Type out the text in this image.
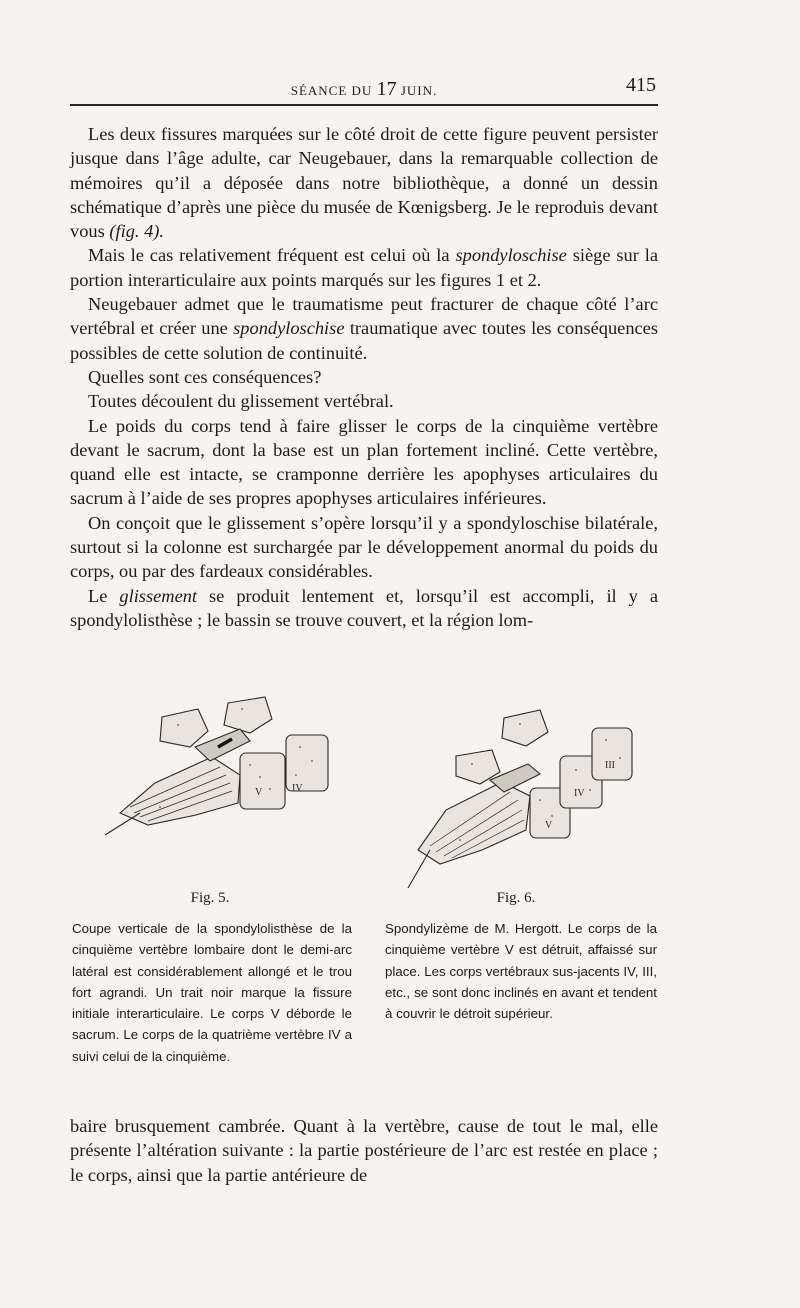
SÉANCE DU 17 JUIN.	415

Les deux fissures marquées sur le côté droit de cette figure peuvent persister jusque dans l’âge adulte, car Neugebauer, dans la remarquable collection de mémoires qu’il a déposée dans notre bibliothèque, a donné un dessin schématique d’après une pièce du musée de Kœnigsberg. Je le reproduis devant vous (fig. 4).

Mais le cas relativement fréquent est celui où la spondyloschise siège sur la portion interarticulaire aux points marqués sur les figures 1 et 2.

Neugebauer admet que le traumatisme peut fracturer de chaque côté l’arc vertébral et créer une spondyloschise traumatique avec toutes les conséquences possibles de cette solution de continuité.

Quelles sont ces conséquences?

Toutes découlent du glissement vertébral.

Le poids du corps tend à faire glisser le corps de la cinquième vertèbre devant le sacrum, dont la base est un plan fortement incliné. Cette vertèbre, quand elle est intacte, se cramponne derrière les apophyses articulaires du sacrum à l’aide de ses propres apophyses articulaires inférieures.

On conçoit que le glissement s’opère lorsqu’il y a spondyloschise bilatérale, surtout si la colonne est surchargée par le développement anormal du poids du corps, ou par des fardeaux considérables.

Le glissement se produit lentement et, lorsqu’il est accompli, il y a spondylolisthèse ; le bassin se trouve couvert, et la région lom-

V	IV
V
IV
III
Fig. 5.	Fig. 6.

Coupe verticale de la spondylolisthèse de la cinquième vertèbre lombaire dont le demi-arc latéral est considérablement allongé et le trou fort agrandi. Un trait noir marque la fissure initiale interarticulaire. Le corps V déborde le sacrum. Le corps de la quatrième vertèbre IV a suivi celui de la cinquième.

Spondylizème de M. Hergott. Le corps de la cinquième vertèbre V est détruit, affaissé sur place. Les corps vertébraux sus-jacents IV, III, etc., se sont donc inclinés en avant et tendent à couvrir le détroit supérieur.

baire brusquement cambrée. Quant à la vertèbre, cause de tout le mal, elle présente l’altération suivante : la partie postérieure de l’arc est restée en place ; le corps, ainsi que la partie antérieure de
